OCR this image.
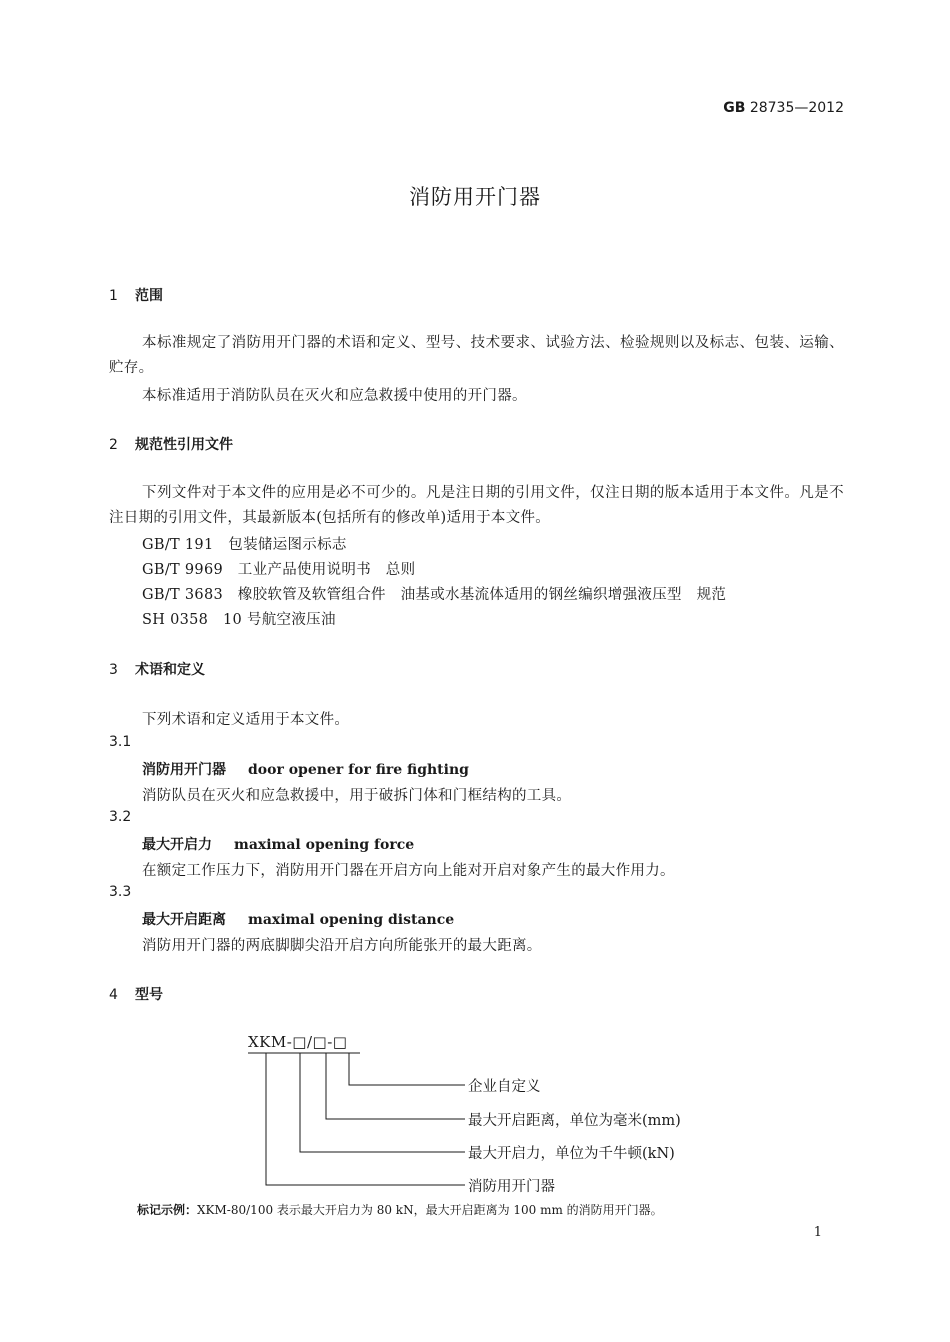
GB 28735—2012
消防用开门器
1 范围
本标准规定了消防用开门器的术语和定义、型号、技术要求、试验方法、检验规则以及标志、包装、运输、贮存。
本标准适用于消防队员在灭火和应急救援中使用的开门器。
2 规范性引用文件
下列文件对于本文件的应用是必不可少的。凡是注日期的引用文件，仅注日期的版本适用于本文件。凡是不注日期的引用文件，其最新版本(包括所有的修改单)适用于本文件。
GB/T 191　包装储运图示标志
GB/T 9969　工业产品使用说明书　总则
GB/T 3683　橡胶软管及软管组合件　油基或水基流体适用的钢丝编织增强液压型　规范
SH 0358　10 号航空液压油
3 术语和定义
下列术语和定义适用于本文件。
3.1
消防用开门器 door opener for fire fighting
消防队员在灭火和应急救援中，用于破拆门体和门框结构的工具。
3.2
最大开启力 maximal opening force
在额定工作压力下，消防用开门器在开启方向上能对开启对象产生的最大作用力。
3.3
最大开启距离 maximal opening distance
消防用开门器的两底脚脚尖沿开启方向所能张开的最大距离。
4 型号
XKM-□/□-□
企业自定义
最大开启距离，单位为毫米(mm)
最大开启力，单位为千牛顿(kN)
消防用开门器
标记示例：XKM-80/100 表示最大开启力为 80 kN，最大开启距离为 100 mm 的消防用开门器。
1
